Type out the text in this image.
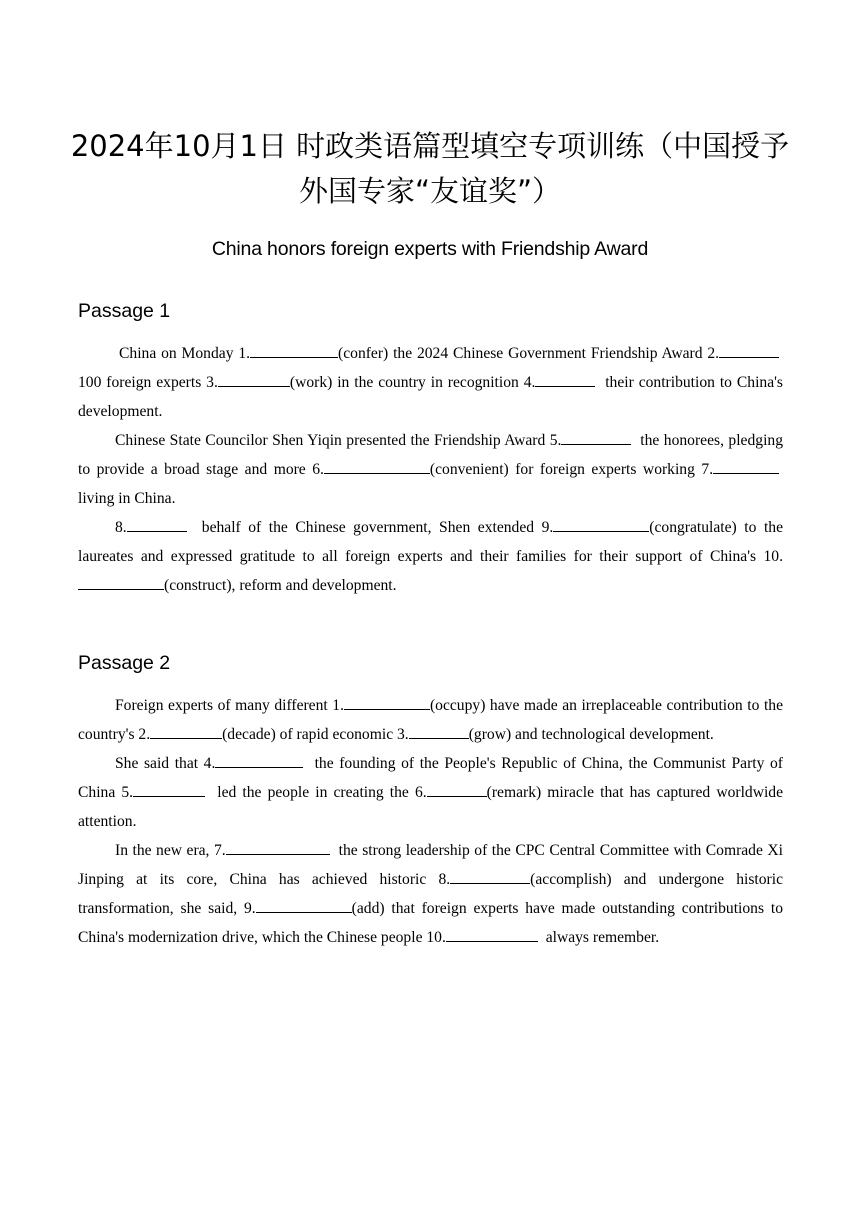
2024年10月1日 时政类语篇型填空专项训练（中国授予外国专家“友谊奖”）
China honors foreign experts with Friendship Award
Passage 1

China on Monday 1.	(confer) the 2024 Chinese Government Friendship Award 2.	100 foreign experts 3.	(work) in the country in recognition 4.	their contribution to China's development.

Chinese State Councilor Shen Yiqin presented the Friendship Award 5.	the honorees, pledging to provide a broad stage and more 6.	(convenient) for foreign experts working 7.	living in China.

8.	behalf of the Chinese government, Shen extended 9.	(congratulate) to the laureates and expressed gratitude to all foreign experts and their families for their support of China's 10.(construct), reform and development.

Passage 2

Foreign experts of many different 1.	(occupy) have made an irreplaceable contribution to the country's 2.	(decade) of rapid economic 3.	(grow) and technological development.

She said that 4.	the founding of the People's Republic of China, the Communist Party of China 5.	led the people in creating the 6.	(remark) miracle that has captured worldwide attention.

In the new era, 7.	the strong leadership of the CPC Central Committee with Comrade Xi Jinping at its core, China has achieved historic 8.	(accomplish) and undergone historic transformation, she said, 9.	(add) that foreign experts have made outstanding contributions to China's modernization drive, which the Chinese people 10.	always remember.
